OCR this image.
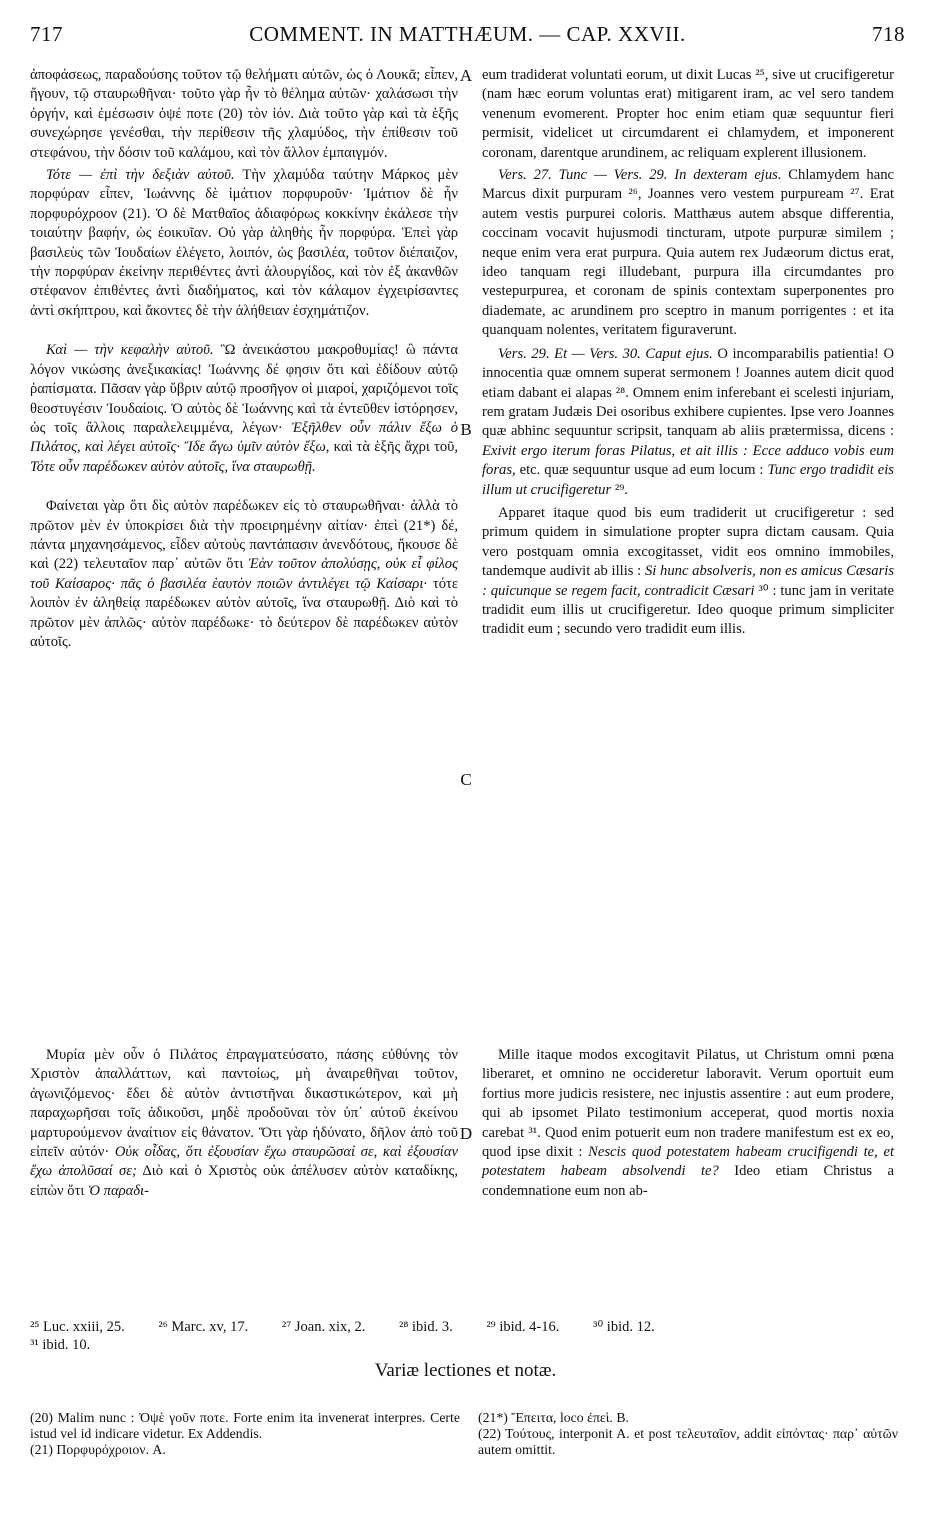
717	COMMENT. IN MATTHÆUM. — CAP. XXVII.	718

ἀποφάσεως, παραδούσης τοῦτον τῷ θελήματι αὐτῶν, ὡς ὁ Λουκᾶ; εἶπεν, ἤγουν, τῷ σταυρωθῆναι· τοῦτο γὰρ ἦν τὸ θέλημα αὐτῶν· χαλάσωσι τὴν ὀργήν, καὶ ἐμέσωσιν ὀψέ ποτε (20) τὸν ἰόν. Διὰ τοῦτο γὰρ καὶ τὰ ἑξῆς συνεχώρησε γενέσθαι, τὴν περίθεσιν τῆς χλαμύδος, τὴν ἐπίθεσιν τοῦ στεφάνου, τὴν δόσιν τοῦ καλάμου, καὶ τὸν ἄλλον ἐμπαιγμόν.

Τότε — ἐπὶ τὴν δεξιὰν αὐτοῦ. Τὴν χλαμύδα ταύτην Μάρκος μὲν πορφύραν εἶπεν, Ἰωάννης δὲ ἱμάτιον πορφυροῦν· Ἱμάτιον δὲ ἦν πορφυρόχροον (21). Ὁ δὲ Ματθαῖος ἀδιαφόρως κοκκίνην ἐκάλεσε τὴν τοιαύτην βαφήν, ὡς ἐοικυῖαν. Οὐ γὰρ ἀληθὴς ἦν πορφύρα. Ἐπεὶ γὰρ βασιλεὺς τῶν Ἰουδαίων ἐλέγετο, λοιπόν, ὡς βασιλέα, τοῦτον διέπαιζον, τὴν πορφύραν ἐκείνην περιθέντες ἀντὶ ἀλουργίδος, καὶ τὸν ἐξ ἀκανθῶν στέφανον ἐπιθέντες ἀντὶ διαδήματος, καὶ τὸν κάλαμον ἐγχειρίσαντες ἀντὶ σκήπτρου, καὶ ἄκοντες δὲ τὴν ἀλήθειαν ἐσχημάτιζον.

Καὶ — τὴν κεφαλὴν αὐτοῦ. Ὢ ἀνεικάστου μακροθυμίας! ὢ πάντα λόγον νικώσης ἀνεξικακίας! Ἰωάννης δέ φησιν ὅτι καὶ ἐδίδουν αὐτῷ ῥαπίσματα. Πᾶσαν γὰρ ὕβριν αὐτῷ προσῆγον οἱ μιαροί, χαριζόμενοι τοῖς θεοστυγέσιν Ἰουδαίοις. Ὁ αὐτὸς δὲ Ἰωάννης καὶ τὰ ἐντεῦθεν ἱστόρησεν, ὡς τοῖς ἄλλοις παραλελειμμένα, λέγων· Ἐξῆλθεν οὖν πάλιν ἔξω ὁ Πιλάτος, καὶ λέγει αὐτοῖς· Ἴδε ἄγω ὑμῖν αὐτὸν ἔξω, καὶ τὰ ἑξῆς ἄχρι τοῦ, Τότε οὖν παρέδωκεν αὐτὸν αὐτοῖς, ἵνα σταυρωθῇ.

Φαίνεται γὰρ ὅτι δὶς αὐτὸν παρέδωκεν εἰς τὸ σταυρωθῆναι· ἀλλὰ τὸ πρῶτον μὲν ἐν ὑποκρίσει διὰ τὴν προειρημένην αἰτίαν· ἐπεὶ (21*) δέ, πάντα μηχανησάμενος, εἶδεν αὐτοὺς παντάπασιν ἀνενδότους, ἤκουσε δὲ καὶ (22) τελευταῖον παρ᾽ αὐτῶν ὅτι Ἐὰν τοῦτον ἀπολύσῃς, οὐκ εἶ φίλος τοῦ Καίσαρος· πᾶς ὁ βασιλέα ἑαυτὸν ποιῶν ἀντιλέγει τῷ Καίσαρι· τότε λοιπὸν ἐν ἀληθείᾳ παρέδωκεν αὐτὸν αὐτοῖς, ἵνα σταυρωθῇ. Διὸ καὶ τὸ πρῶτον μὲν ἁπλῶς· αὐτὸν παρέδωκε· τὸ δεύτερον δὲ παρέδωκεν αὐτὸν αὐτοῖς.

Μυρία μὲν οὖν ὁ Πιλάτος ἐπραγματεύσατο, πάσης εὐθύνης τὸν Χριστὸν ἀπαλλάττων, καὶ παντοίως, μὴ ἀναιρεθῆναι τοῦτον, ἀγωνιζόμενος· ἔδει δὲ αὐτὸν ἀντιστῆναι δικαστικώτερον, καὶ μὴ παραχωρῆσαι τοῖς ἀδικοῦσι, μηδὲ προδοῦναι τὸν ὑπ᾽ αὐτοῦ ἐκείνου μαρτυρούμενον ἀναίτιον εἰς θάνατον. Ὅτι γὰρ ἠδύνατο, δῆλον ἀπὸ τοῦ εἰπεῖν αὐτόν· Οὐκ οἶδας, ὅτι ἐξουσίαν ἔχω σταυρῶσαί σε, καὶ ἐξουσίαν ἔχω ἀπολῦσαί σε; Διὸ καὶ ὁ Χριστὸς οὐκ ἀπέλυσεν αὐτὸν καταδίκης, εἰπὼν ὅτι Ὁ παραδι-

eum tradiderat voluntati eorum, ut dixit Lucas ²⁵, sive ut crucifigeretur (nam hæc eorum voluntas erat) mitigarent iram, ac vel sero tandem venenum evomerent. Propter hoc enim etiam quæ sequuntur fieri permisit, videlicet ut circumdarent ei chlamydem, et imponerent coronam, darentque arundinem, ac reliquam explerent illusionem.

Vers. 27. Tunc — Vers. 29. In dexteram ejus. Chlamydem hanc Marcus dixit purpuram ²⁶, Joannes vero vestem purpuream ²⁷. Erat autem vestis purpurei coloris. Matthæus autem absque differentia, coccinam vocavit hujusmodi tincturam, utpote purpuræ similem ; neque enim vera erat purpura. Quia autem rex Judæorum dictus erat, ideo tanquam regi illudebant, purpura illa circumdantes pro vestepurpurea, et coronam de spinis contextam superponentes pro diademate, ac arundinem pro sceptro in manum porrigentes : et ita quanquam nolentes, veritatem figuraverunt.

Vers. 29. Et — Vers. 30. Caput ejus. O incomparabilis patientia! O innocentia quæ omnem superat sermonem ! Joannes autem dicit quod etiam dabant ei alapas ²⁸. Omnem enim inferebant ei scelesti injuriam, rem gratam Judæis Dei osoribus exhibere cupientes. Ipse vero Joannes quæ abhinc sequuntur scripsit, tanquam ab aliis prætermissa, dicens : Exivit ergo iterum foras Pilatus, et ait illis : Ecce adduco vobis eum foras, etc. quæ sequuntur usque ad eum locum : Tunc ergo tradidit eis illum ut crucifigeretur ²⁹.

Apparet itaque quod bis eum tradiderit ut crucifigeretur : sed primum quidem in simulatione propter supra dictam causam. Quia vero postquam omnia excogitasset, vidit eos omnino immobiles, tandemque audivit ab illis : Si hunc absolveris, non es amicus Cæsaris : quicunque se regem facit, contradicit Cæsari ³⁰ : tunc jam in veritate tradidit eum illis ut crucifigeretur. Ideo quoque primum simpliciter tradidit eum ; secundo vero tradidit eum illis.

Mille itaque modos excogitavit Pilatus, ut Christum omni pœna liberaret, et omnino ne occideretur laboravit. Verum oportuit eum fortius more judicis resistere, nec injustis assentire : aut eum prodere, qui ab ipsomet Pilato testimonium acceperat, quod mortis noxia carebat ³¹. Quod enim potuerit eum non tradere manifestum est ex eo, quod ipse dixit : Nescis quod potestatem habeam crucifigendi te, et potestatem habeam absolvendi te? Ideo etiam Christus a condemnatione eum non ab-

A
B
C
D
²⁵ Luc. xxiii, 25. ²⁶ Marc. xv, 17. ²⁷ Joan. xix, 2. ²⁸ ibid. 3. ²⁹ ibid. 4-16. ³⁰ ibid. 12.
³¹ ibid. 10.
Variæ lectiones et notæ.

(20) Malim nunc : Ὀψὲ γοῦν ποτε. Forte enim ita invenerat interpres. Certe istud vel id indicare videtur. Ex Addendis.

(21) Πορφυρόχροιον. A.

(21*) Ἔπειτα, loco ἐπεὶ. B.

(22) Τούτους, interponit A. et post τελευταῖον, addit εἰπόντας· παρ᾽ αὐτῶν autem omittit.
